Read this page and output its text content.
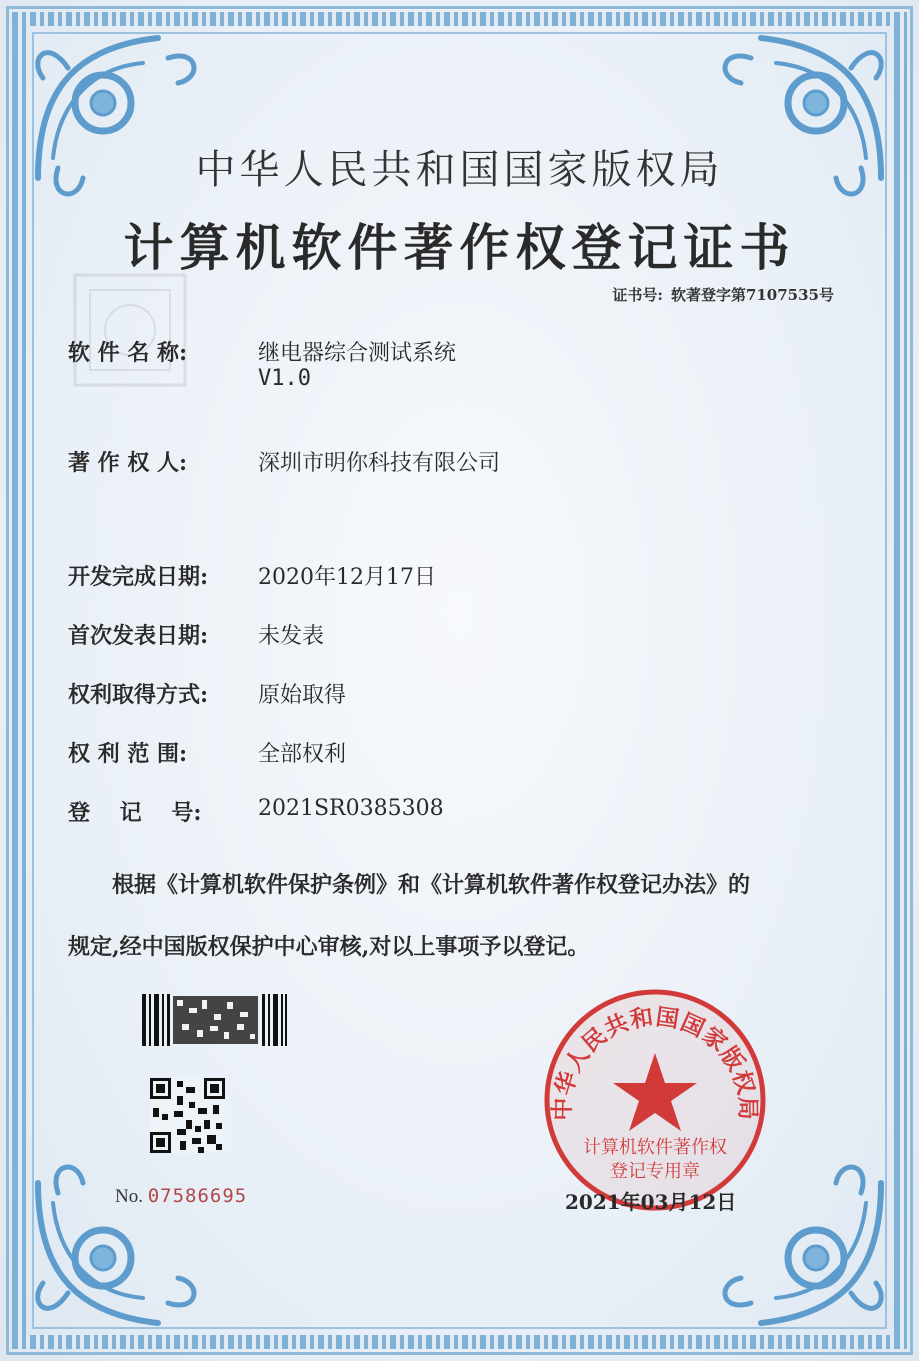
中华人民共和国国家版权局
计算机软件著作权登记证书
证书号: 软著登字第7107535号
软 件 名 称:	继电器综合测试系统
V1.0
著 作 权 人:	深圳市明你科技有限公司
开发完成日期: 2020年12月17日
首次发表日期: 未发表
权利取得方式: 原始取得
权 利 范 围:	全部权利
登　 记　 号:	2021SR0385308
根据《计算机软件保护条例》和《计算机软件著作权登记办法》的
规定,经中国版权保护中心审核,对以上事项予以登记。
No. 07586695
中华人民共和国国家版权局
计算机软件著作权
登记专用章
2021年03月12日
